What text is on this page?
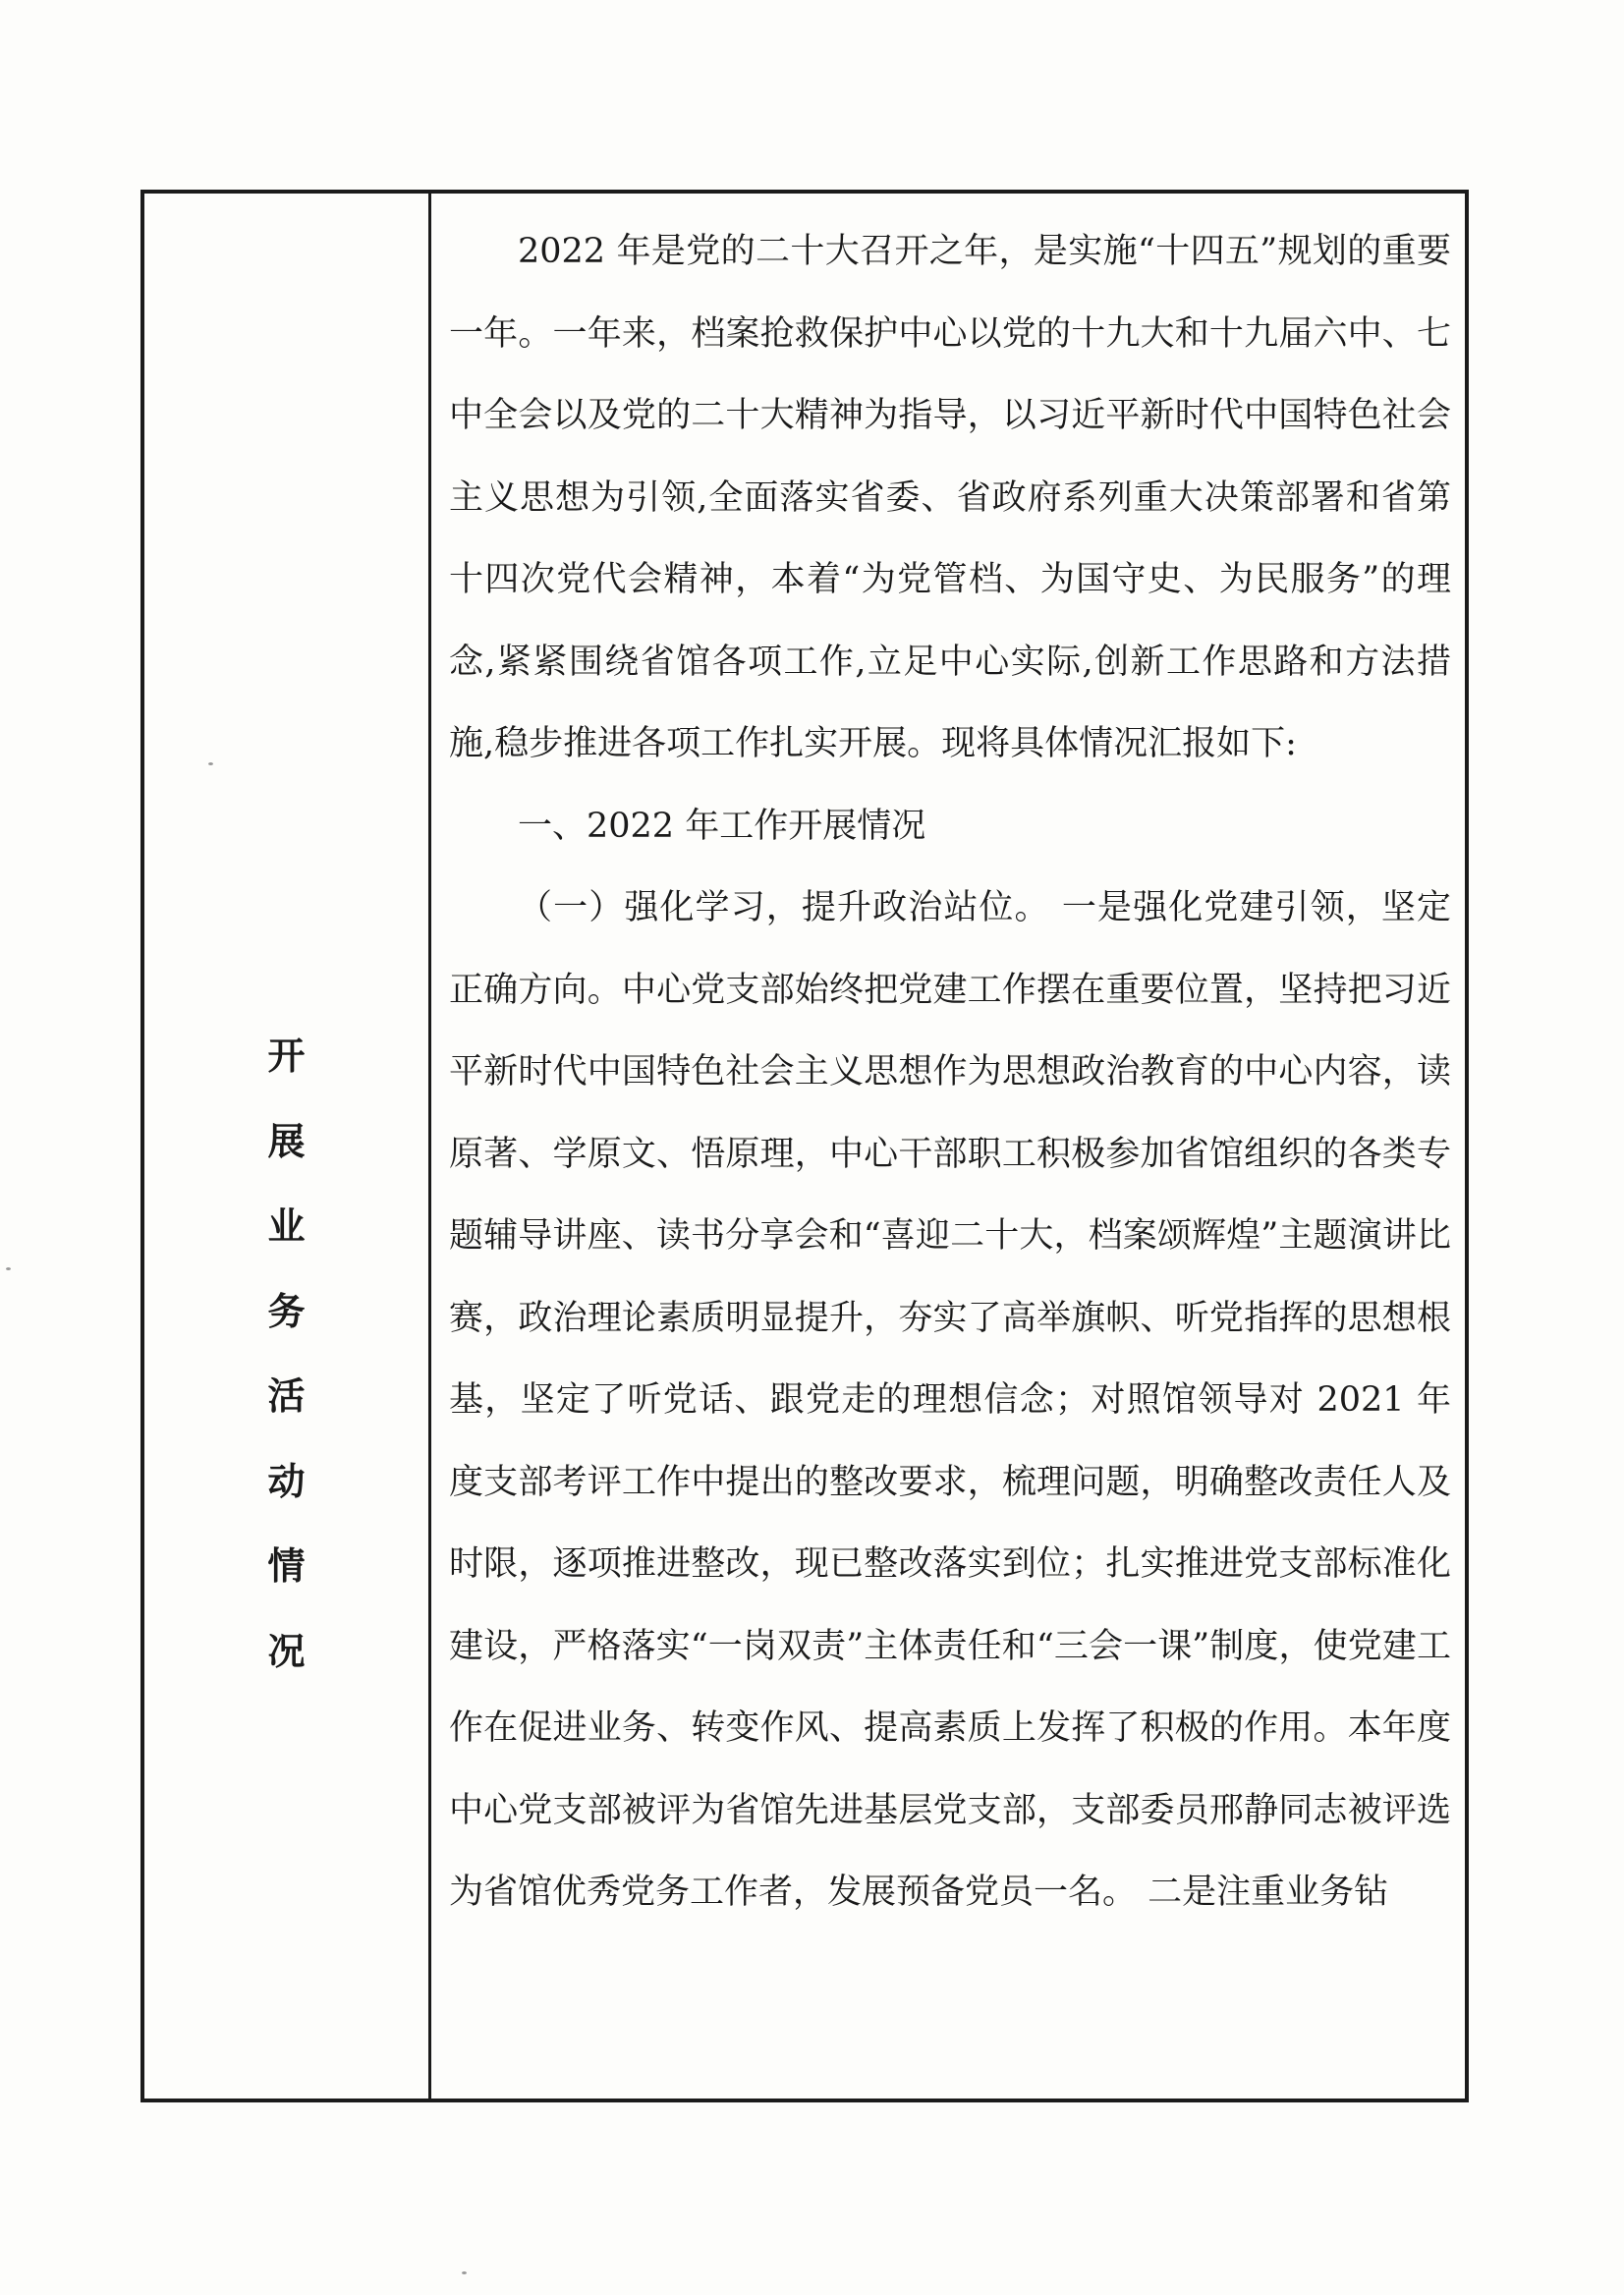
开
展
业
务
活
动
情
况

2022 年是党的二十大召开之年，是实施“十四五”规划的重要一年。一年来，档案抢救保护中心以党的十九大和十九届六中、七中全会以及党的二十大精神为指导，以习近平新时代中国特色社会主义思想为引领,全面落实省委、省政府系列重大决策部署和省第十四次党代会精神，本着“为党管档、为国守史、为民服务”的理念,紧紧围绕省馆各项工作,立足中心实际,创新工作思路和方法措施,稳步推进各项工作扎实开展。现将具体情况汇报如下:

一、2022 年工作开展情况

（一）强化学习，提升政治站位。 一是强化党建引领，坚定正确方向。中心党支部始终把党建工作摆在重要位置，坚持把习近平新时代中国特色社会主义思想作为思想政治教育的中心内容，读原著、学原文、悟原理，中心干部职工积极参加省馆组织的各类专题辅导讲座、读书分享会和“喜迎二十大，档案颂辉煌”主题演讲比赛，政治理论素质明显提升，夯实了高举旗帜、听党指挥的思想根基，坚定了听党话、跟党走的理想信念；对照馆领导对 2021 年度支部考评工作中提出的整改要求，梳理问题，明确整改责任人及时限，逐项推进整改，现已整改落实到位；扎实推进党支部标准化建设，严格落实“一岗双责”主体责任和“三会一课”制度，使党建工作在促进业务、转变作风、提高素质上发挥了积极的作用。本年度中心党支部被评为省馆先进基层党支部，支部委员邢静同志被评选为省馆优秀党务工作者，发展预备党员一名。 二是注重业务钻
